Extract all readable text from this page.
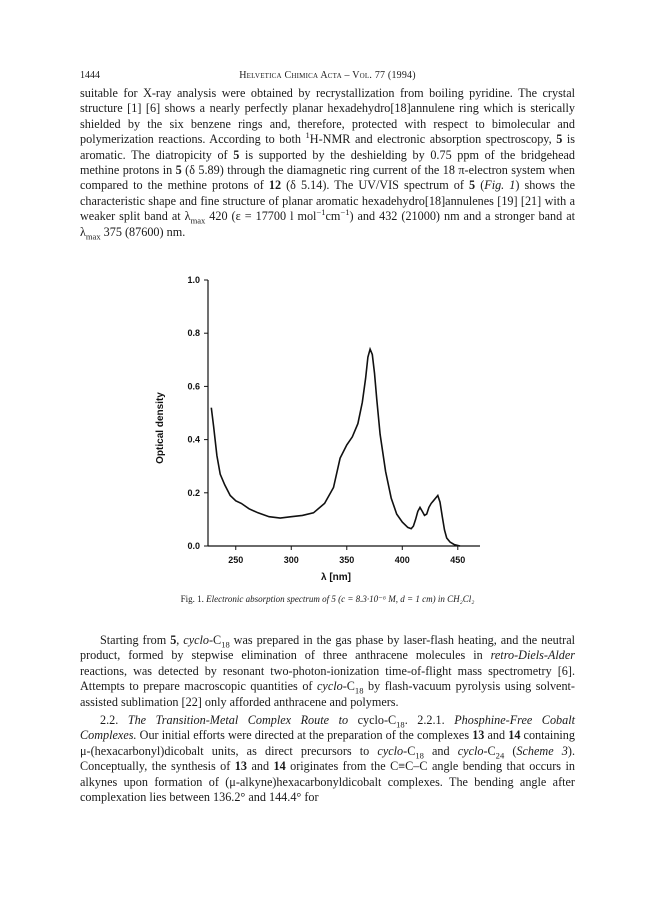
1444	Helvetica Chimica Acta – Vol. 77 (1994)

suitable for X-ray analysis were obtained by recrystallization from boiling pyridine. The crystal structure [1] [6] shows a nearly perfectly planar hexadehydro[18]annulene ring which is sterically shielded by the six benzene rings and, therefore, protected with respect to bimolecular and polymerization reactions. According to both $^1$H-NMR and electronic absorption spectroscopy, 5 is aromatic. The diatropicity of 5 is supported by the deshielding by 0.75 ppm of the bridgehead methine protons in 5 (δ 5.89) through the diamagnetic ring current of the 18 π-electron system when compared to the methine protons of 12 (δ 5.14). The UV/VIS spectrum of 5 (Fig. 1) shows the characteristic shape and fine structure of planar aromatic hexadehydro[18]annulenes [19] [21] with a weaker split band at $\lambda_{max}$ 420 (ε = 17700 l $mol^{-1}cm^{-1}$) and 432 (21000) nm and a stronger band at $\lambda_{max}$ 375 (87600) nm.

250	300	350	400	450
0.0
0.2
0.4
0.6
0.8
1.0
λ [nm]
Optical density
Fig. 1. Electronic absorption spectrum of 5 (c = 8.3·10⁻⁶ M, d = 1 cm) in CH₂Cl₂

Starting from 5, cyclo-$C_{18}$ was prepared in the gas phase by laser-flash heating, and the neutral product, formed by stepwise elimination of three anthracene molecules in retro-Diels-Alder reactions, was detected by resonant two-photon-ionization time-of-flight mass spectrometry [6]. Attempts to prepare macroscopic quantities of cyclo-$C_{18}$ by flash-vacuum pyrolysis using solvent-assisted sublimation [22] only afforded anthracene and polymers.

2.2. The Transition-Metal Complex Route to cyclo-$C_{18}$. 2.2.1. Phosphine-Free Cobalt Complexes. Our initial efforts were directed at the preparation of the complexes 13 and 14 containing μ-(hexacarbonyl)dicobalt units, as direct precursors to cyclo-$C_{18}$ and cyclo-$C_{24}$ (Scheme 3). Conceptually, the synthesis of 13 and 14 originates from the C≡C–C angle bending that occurs in alkynes upon formation of (μ-alkyne)hexacarbonyldicobalt complexes. The bending angle after complexation lies between 136.2° and 144.4° for
